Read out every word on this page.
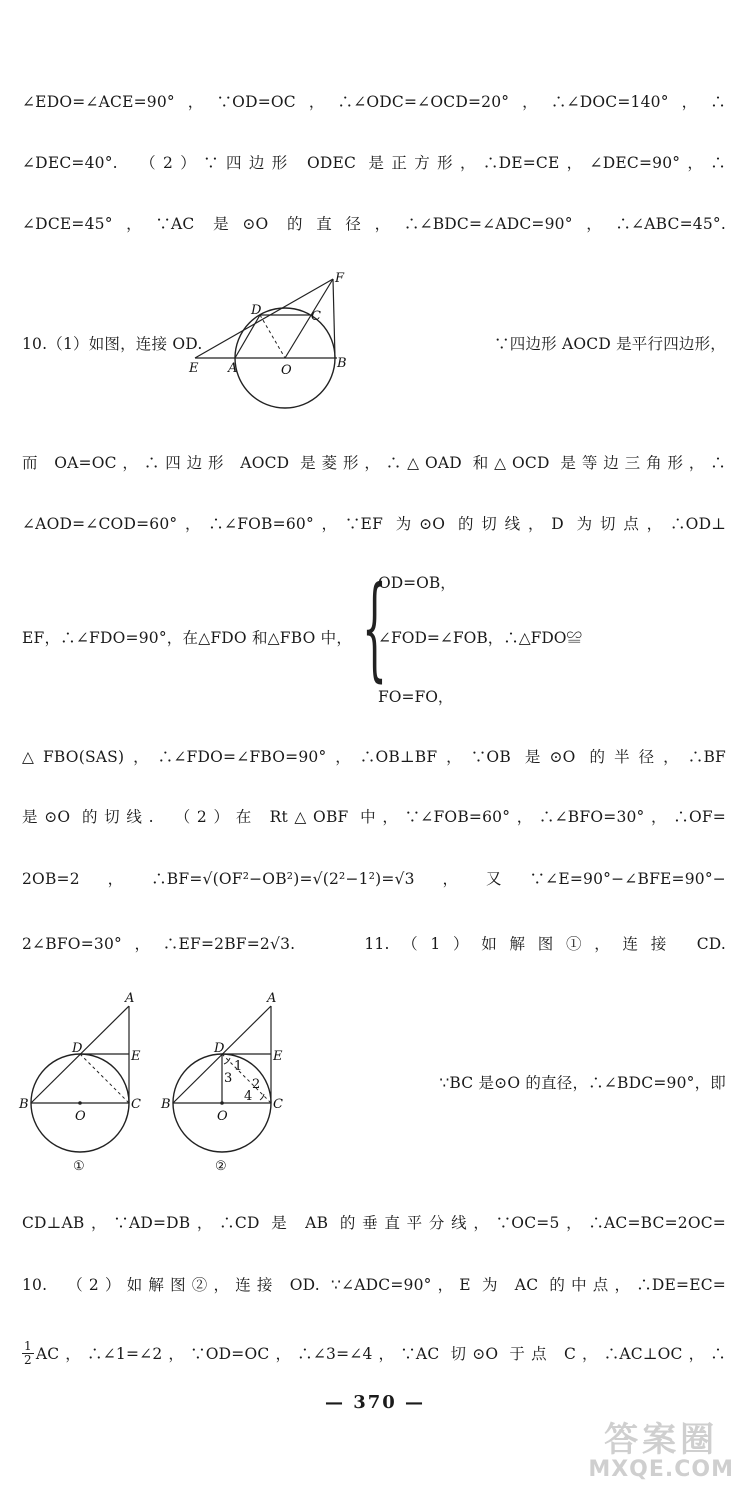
∠EDO=∠ACE=90°，∵OD=OC，∴∠ODC=∠OCD=20°，∴∠DOC=140°，∴
∠DEC=40°.　（2）∵四边形 ODEC 是正方形，∴DE=CE，∠DEC=90°，∴
∠DCE=45°，∵AC 是⊙O 的直径，∴∠BDC=∠ADC=90°，∴∠ABC=45°.
10.（1）如图，连接 OD.
F
D	C
E A	O	B
∵四边形 AOCD 是平行四边形，
而 OA=OC，∴四边形 AOCD 是菱形，∴△OAD 和△OCD 是等边三角形，∴
∠AOD=∠COD=60°，∴∠FOB=60°，∵EF 为⊙O 的切线，D 为切点，∴OD⊥
EF，∴∠FDO=90°，在△FDO 和△FBO 中， {
OD=OB，
∠FOD=∠FOB，∴△FDO≌
FO=FO，
△FBO(SAS)，∴∠FDO=∠FBO=90°，∴OB⊥BF，∵OB 是⊙O 的半径，∴BF
是⊙O 的切线.　（2）在 Rt△OBF 中，∵∠FOB=60°，∴∠BFO=30°，∴OF=
2OB=2，∴BF=√(OF²−OB²)=√(2²−1²)=√3，又∵∠E=90°−∠BFE=90°−
2∠BFO=30°，∴EF=2BF=2√3.　　11.（1）如解图①，连接 CD.
A
D
E
B
O
C
①
A
D
E
B
O
C
1
2
3
4
②
∵BC 是⊙O 的直径，∴∠BDC=90°，即
CD⊥AB，∵AD=DB，∴CD 是 AB 的垂直平分线，∵OC=5，∴AC=BC=2OC=
10.　（2）如解图②，连接 OD. ∵∠ADC=90°，E 为 AC 的中点，∴DE=EC=
$\frac{1}{2}$ AC，∴∠1=∠2，∵OD=OC，∴∠3=∠4，∵AC 切⊙O 于点 C，∴AC⊥OC，∴
— 370 —
答案圈
MXQE.COM
